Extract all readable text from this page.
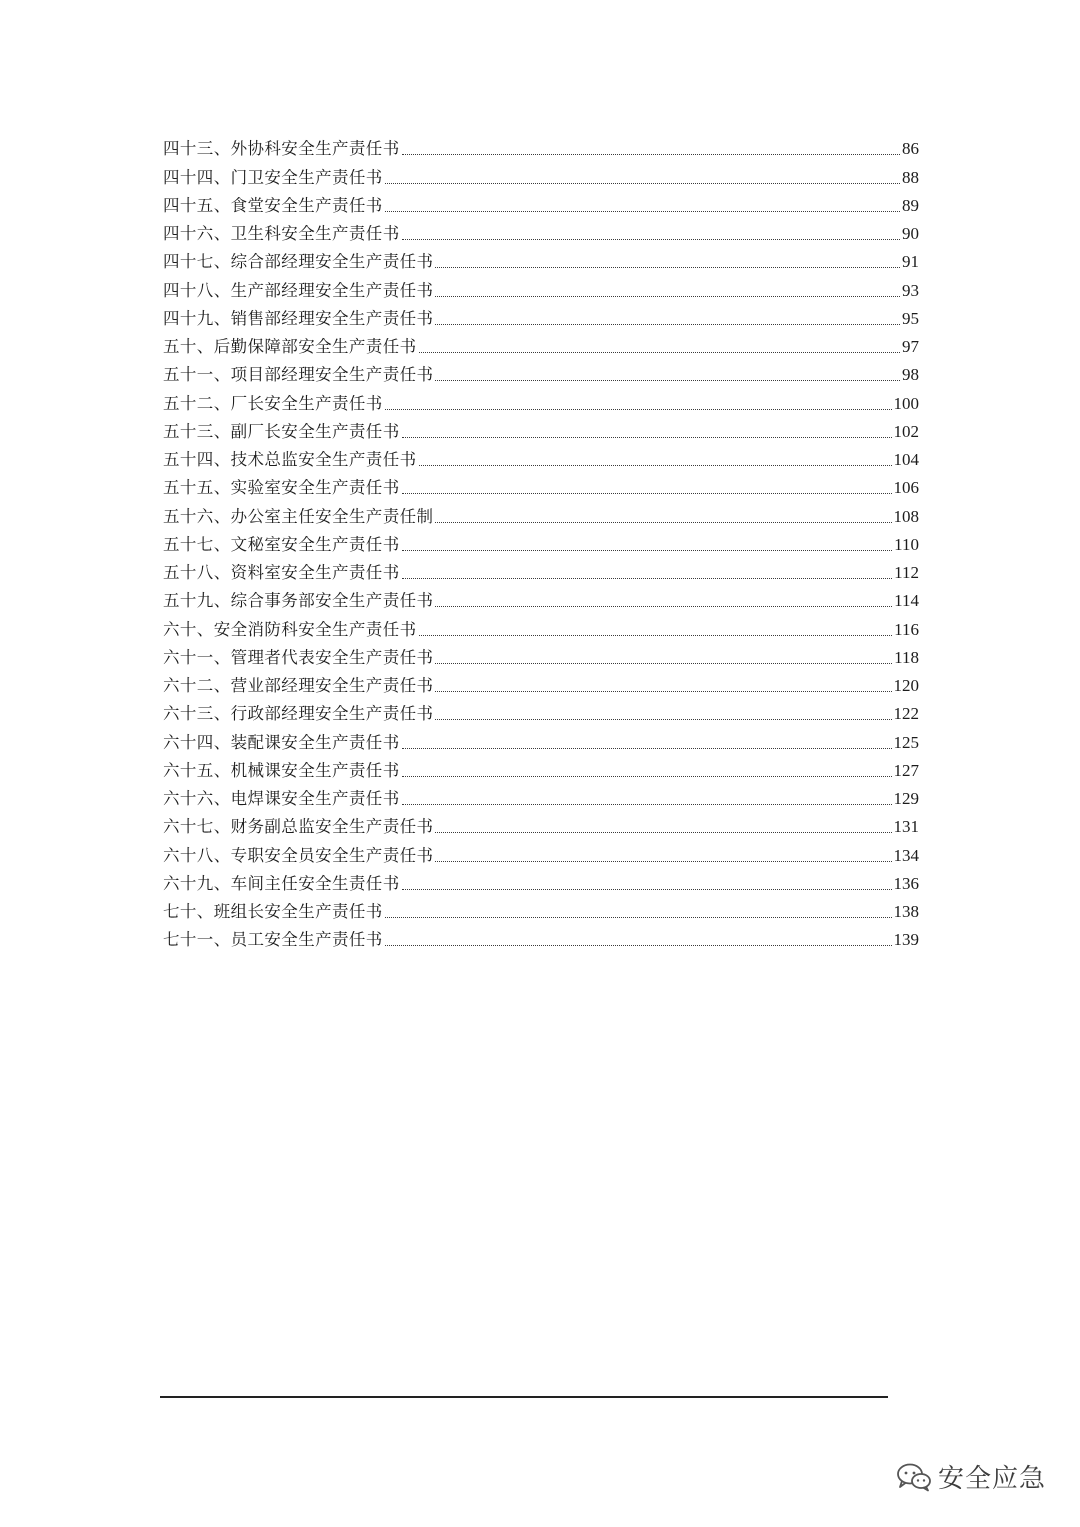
四十三、外协科安全生产责任书	86
四十四、门卫安全生产责任书	88
四十五、食堂安全生产责任书	89
四十六、卫生科安全生产责任书	90
四十七、综合部经理安全生产责任书	91
四十八、生产部经理安全生产责任书	93
四十九、销售部经理安全生产责任书	95
五十、后勤保障部安全生产责任书	97
五十一、项目部经理安全生产责任书	98
五十二、厂长安全生产责任书	100
五十三、副厂长安全生产责任书	102
五十四、技术总监安全生产责任书	104
五十五、实验室安全生产责任书	106
五十六、办公室主任安全生产责任制	108
五十七、文秘室安全生产责任书	110
五十八、资料室安全生产责任书	112
五十九、综合事务部安全生产责任书	114
六十、安全消防科安全生产责任书	116
六十一、管理者代表安全生产责任书	118
六十二、营业部经理安全生产责任书	120
六十三、行政部经理安全生产责任书	122
六十四、装配课安全生产责任书	125
六十五、机械课安全生产责任书	127
六十六、电焊课安全生产责任书	129
六十七、财务副总监安全生产责任书	131
六十八、专职安全员安全生产责任书	134
六十九、车间主任安全生责任书	136
七十、班组长安全生产责任书	138
七十一、员工安全生产责任书	139
安全应急
